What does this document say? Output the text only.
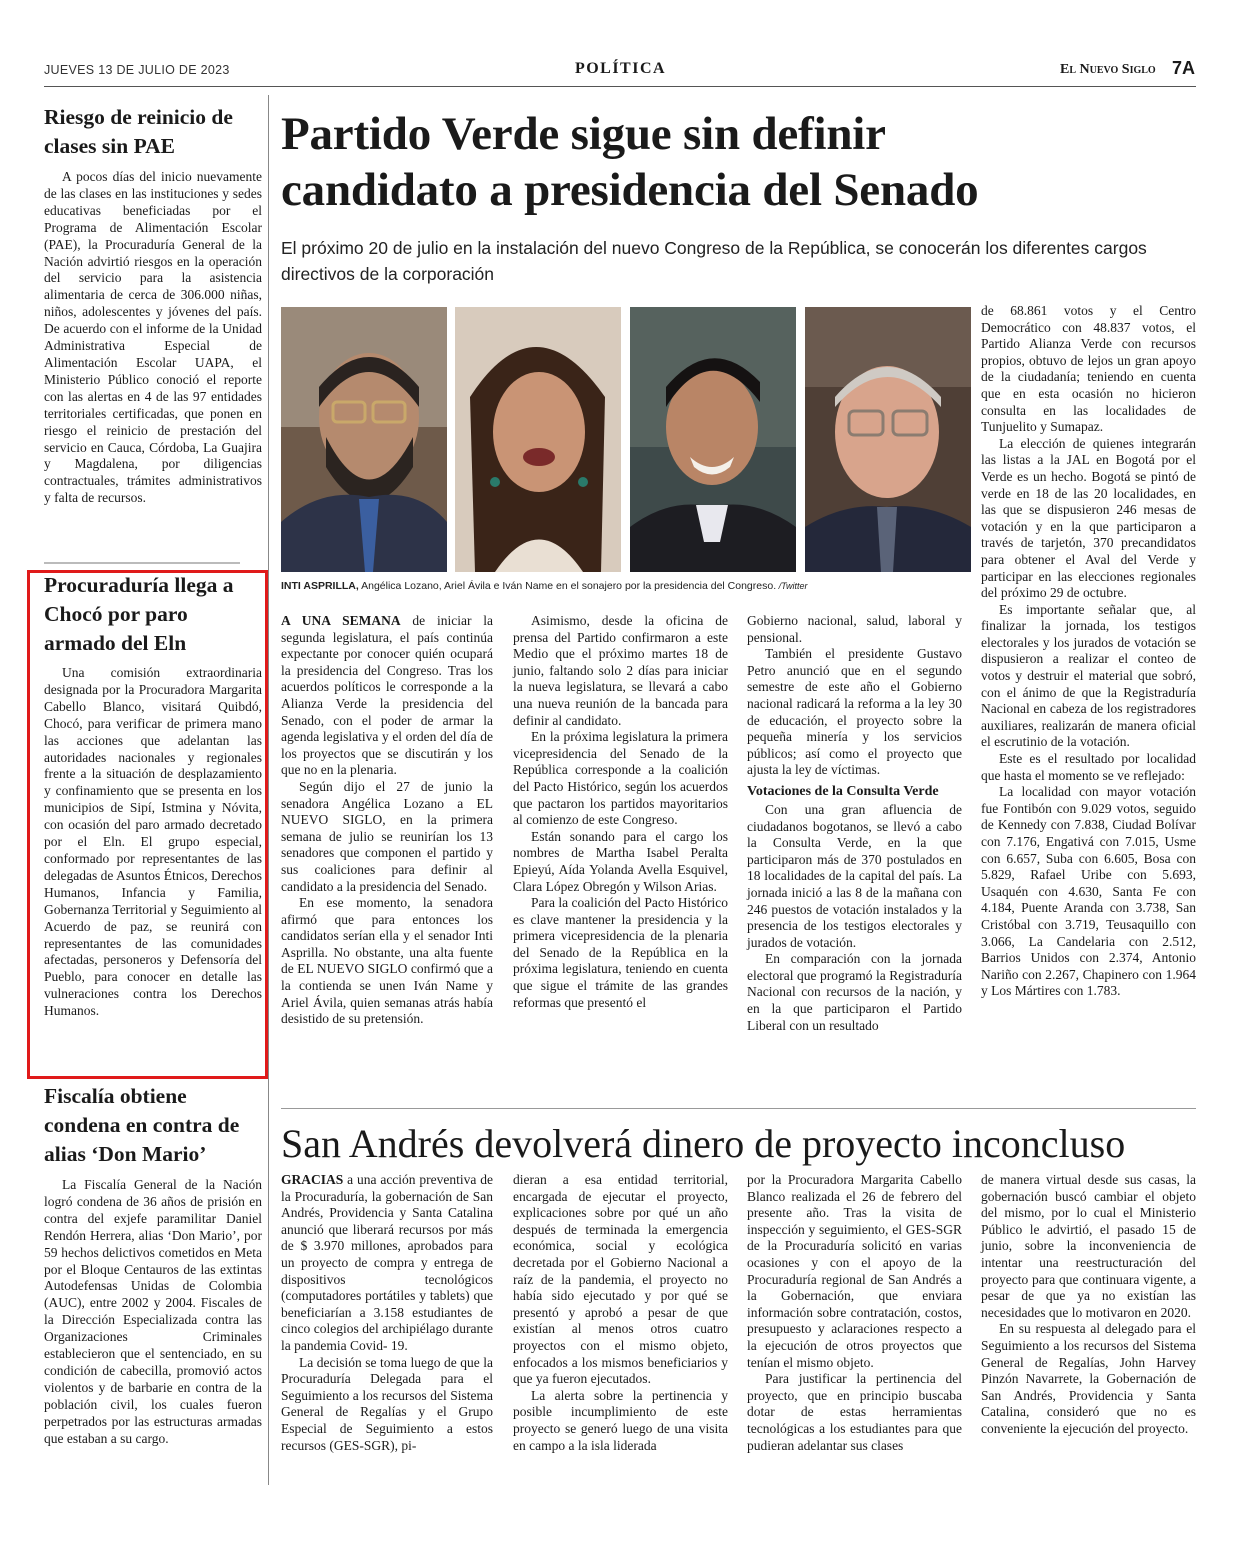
JUEVES 13 DE JULIO DE 2023	POLÍTICA	El Nuevo Siglo 7A
Riesgo de reinicio de clases sin PAE

A pocos días del inicio nuevamente de las clases en las instituciones y sedes educativas beneficiadas por el Programa de Alimentación Escolar (PAE), la Procuraduría General de la Nación advirtió riesgos en la operación del servicio para la asistencia alimentaria de cerca de 306.000 niñas, niños, adolescentes y jóvenes del país. De acuerdo con el informe de la Unidad Administrativa Especial de Alimentación Escolar UAPA, el Ministerio Público conoció el reporte con las alertas en 4 de las 97 entidades territoriales certificadas, que ponen en riesgo el reinicio de prestación del servicio en Cauca, Córdoba, La Guajira y Magdalena, por diligencias contractuales, trámites administrativos y falta de recursos.

Procuraduría llega a Chocó por paro armado del Eln

Una comisión extraordinaria designada por la Procuradora Margarita Cabello Blanco, visitará Quibdó, Chocó, para verificar de primera mano las acciones que adelantan las autoridades nacionales y regionales frente a la situación de desplazamiento y confinamiento que se presenta en los municipios de Sipí, Istmina y Nóvita, con ocasión del paro armado decretado por el Eln. El grupo especial, conformado por representantes de las delegadas de Asuntos Étnicos, Derechos Humanos, Infancia y Familia, Gobernanza Territorial y Seguimiento al Acuerdo de paz, se reunirá con representantes de las comunidades afectadas, personeros y Defensoría del Pueblo, para conocer en detalle las vulneraciones contra los Derechos Humanos.

Fiscalía obtiene condena en contra de alias ‘Don Mario’

La Fiscalía General de la Nación logró condena de 36 años de prisión en contra del exjefe paramilitar Daniel Rendón Herrera, alias ‘Don Mario’, por 59 hechos delictivos cometidos en Meta por el Bloque Centauros de las extintas Autodefensas Unidas de Colombia (AUC), entre 2002 y 2004. Fiscales de la Dirección Especializada contra las Organizaciones Criminales establecieron que el sentenciado, en su condición de cabecilla, promovió actos violentos y de barbarie en contra de la población civil, los cuales fueron perpetrados por las estructuras armadas que estaban a su cargo.

Partido Verde sigue sin definir
candidato a presidencia del Senado
El próximo 20 de julio en la instalación del nuevo Congreso de la República, se conocerán los diferentes cargos directivos de la corporación
INTI ASPRILLA, Angélica Lozano, Ariel Ávila e Iván Name en el sonajero por la presidencia del Congreso. /Twitter

A UNA SEMANA de iniciar la segunda legislatura, el país continúa expectante por conocer quién ocupará la presidencia del Congreso. Tras los acuerdos políticos le corresponde a la Alianza Verde la presidencia del Senado, con el poder de armar la agenda legislativa y el orden del día de los proyectos que se discutirán y los que no en la plenaria.

Según dijo el 27 de junio la senadora Angélica Lozano a EL NUEVO SIGLO, en la primera semana de julio se reunirían los 13 senadores que componen el partido y sus coaliciones para definir al candidato a la presidencia del Senado.

En ese momento, la senadora afirmó que para entonces los candidatos serían ella y el senador Inti Asprilla. No obstante, una alta fuente de EL NUEVO SIGLO confirmó que a la contienda se unen Iván Name y Ariel Ávila, quien semanas atrás había desistido de su pretensión.

Asimismo, desde la oficina de prensa del Partido confirmaron a este Medio que el próximo martes 18 de junio, faltando solo 2 días para iniciar la nueva legislatura, se llevará a cabo una nueva reunión de la bancada para definir al candidato.

En la próxima legislatura la primera vicepresidencia del Senado de la República corresponde a la coalición del Pacto Histórico, según los acuerdos que pactaron los partidos mayoritarios al comienzo de este Congreso.

Están sonando para el cargo los nombres de Martha Isabel Peralta Epieyú, Aída Yolanda Avella Esquivel, Clara López Obregón y Wilson Arias.

Para la coalición del Pacto Histórico es clave mantener la presidencia y la primera vicepresidencia de la plenaria del Senado de la República en la próxima legislatura, teniendo en cuenta que sigue el trámite de las grandes reformas que presentó el

Gobierno nacional, salud, laboral y pensional.

También el presidente Gustavo Petro anunció que en el segundo semestre de este año el Gobierno nacional radicará la reforma a la ley 30 de educación, el proyecto sobre la pequeña minería y los servicios públicos; así como el proyecto que ajusta la ley de víctimas.

Votaciones de la Consulta Verde

Con una gran afluencia de ciudadanos bogotanos, se llevó a cabo la Consulta Verde, en la que participaron más de 370 postulados en 18 localidades de la capital del país. La jornada inició a las 8 de la mañana con 246 puestos de votación instalados y la presencia de los testigos electorales y jurados de votación.

En comparación con la jornada electoral que programó la Registraduría Nacional con recursos de la nación, y en la que participaron el Partido Liberal con un resultado

de 68.861 votos y el Centro Democrático con 48.837 votos, el Partido Alianza Verde con recursos propios, obtuvo de lejos un gran apoyo de la ciudadanía; teniendo en cuenta que en esta ocasión no hicieron consulta en las localidades de Tunjuelito y Sumapaz.

La elección de quienes integrarán las listas a la JAL en Bogotá por el Verde es un hecho. Bogotá se pintó de verde en 18 de las 20 localidades, en las que se dispusieron 246 mesas de votación y en la que participaron a través de tarjetón, 370 precandidatos para obtener el Aval del Verde y participar en las elecciones regionales del próximo 29 de octubre.

Es importante señalar que, al finalizar la jornada, los testigos electorales y los jurados de votación se dispusieron a realizar el conteo de votos y destruir el material que sobró, con el ánimo de que la Registraduría Nacional en cabeza de los registradores auxiliares, realizarán de manera oficial el escrutinio de la votación.

Este es el resultado por localidad que hasta el momento se ve reflejado:

La localidad con mayor votación fue Fontibón con 9.029 votos, seguido de Kennedy con 7.838, Ciudad Bolívar con 7.176, Engativá con 7.015, Usme con 6.657, Suba con 6.605, Bosa con 5.829, Rafael Uribe con 5.693, Usaquén con 4.630, Santa Fe con 4.184, Puente Aranda con 3.738, San Cristóbal con 3.719, Teusaquillo con 3.066, La Candelaria con 2.512, Barrios Unidos con 2.374, Antonio Nariño con 2.267, Chapinero con 1.964 y Los Mártires con 1.783.

San Andrés devolverá dinero de proyecto inconcluso

GRACIAS a una acción preventiva de la Procuraduría, la gobernación de San Andrés, Providencia y Santa Catalina anunció que liberará recursos por más de $ 3.970 millones, aprobados para un proyecto de compra y entrega de dispositivos tecnológicos (computadores portátiles y tablets) que beneficiarían a 3.158 estudiantes de cinco colegios del archipiélago durante la pandemia Covid- 19.

La decisión se toma luego de que la Procuraduría Delegada para el Seguimiento a los recursos del Sistema General de Regalías y el Grupo Especial de Seguimiento a estos recursos (GES-SGR), pi-

dieran a esa entidad territorial, encargada de ejecutar el proyecto, explicaciones sobre por qué un año después de terminada la emergencia económica, social y ecológica decretada por el Gobierno Nacional a raíz de la pandemia, el proyecto no había sido ejecutado y por qué se presentó y aprobó a pesar de que existían al menos otros cuatro proyectos con el mismo objeto, enfocados a los mismos beneficiarios y que ya fueron ejecutados.

La alerta sobre la pertinencia y posible incumplimiento de este proyecto se generó luego de una visita en campo a la isla liderada

por la Procuradora Margarita Cabello Blanco realizada el 26 de febrero del presente año. Tras la visita de inspección y seguimiento, el GES-SGR de la Procuraduría solicitó en varias ocasiones y con el apoyo de la Procuraduría regional de San Andrés a la Gobernación, que enviara información sobre contratación, costos, presupuesto y aclaraciones respecto a la ejecución de otros proyectos que tenían el mismo objeto.

Para justificar la pertinencia del proyecto, que en principio buscaba dotar de estas herramientas tecnológicas a los estudiantes para que pudieran adelantar sus clases

de manera virtual desde sus casas, la gobernación buscó cambiar el objeto del mismo, por lo cual el Ministerio Público le advirtió, el pasado 15 de junio, sobre la inconveniencia de intentar una reestructuración del proyecto para que continuara vigente, a pesar de que ya no existían las necesidades que lo motivaron en 2020.

En su respuesta al delegado para el Seguimiento a los recursos del Sistema General de Regalías, John Harvey Pinzón Navarrete, la Gobernación de San Andrés, Providencia y Santa Catalina, consideró que no es conveniente la ejecución del proyecto.
